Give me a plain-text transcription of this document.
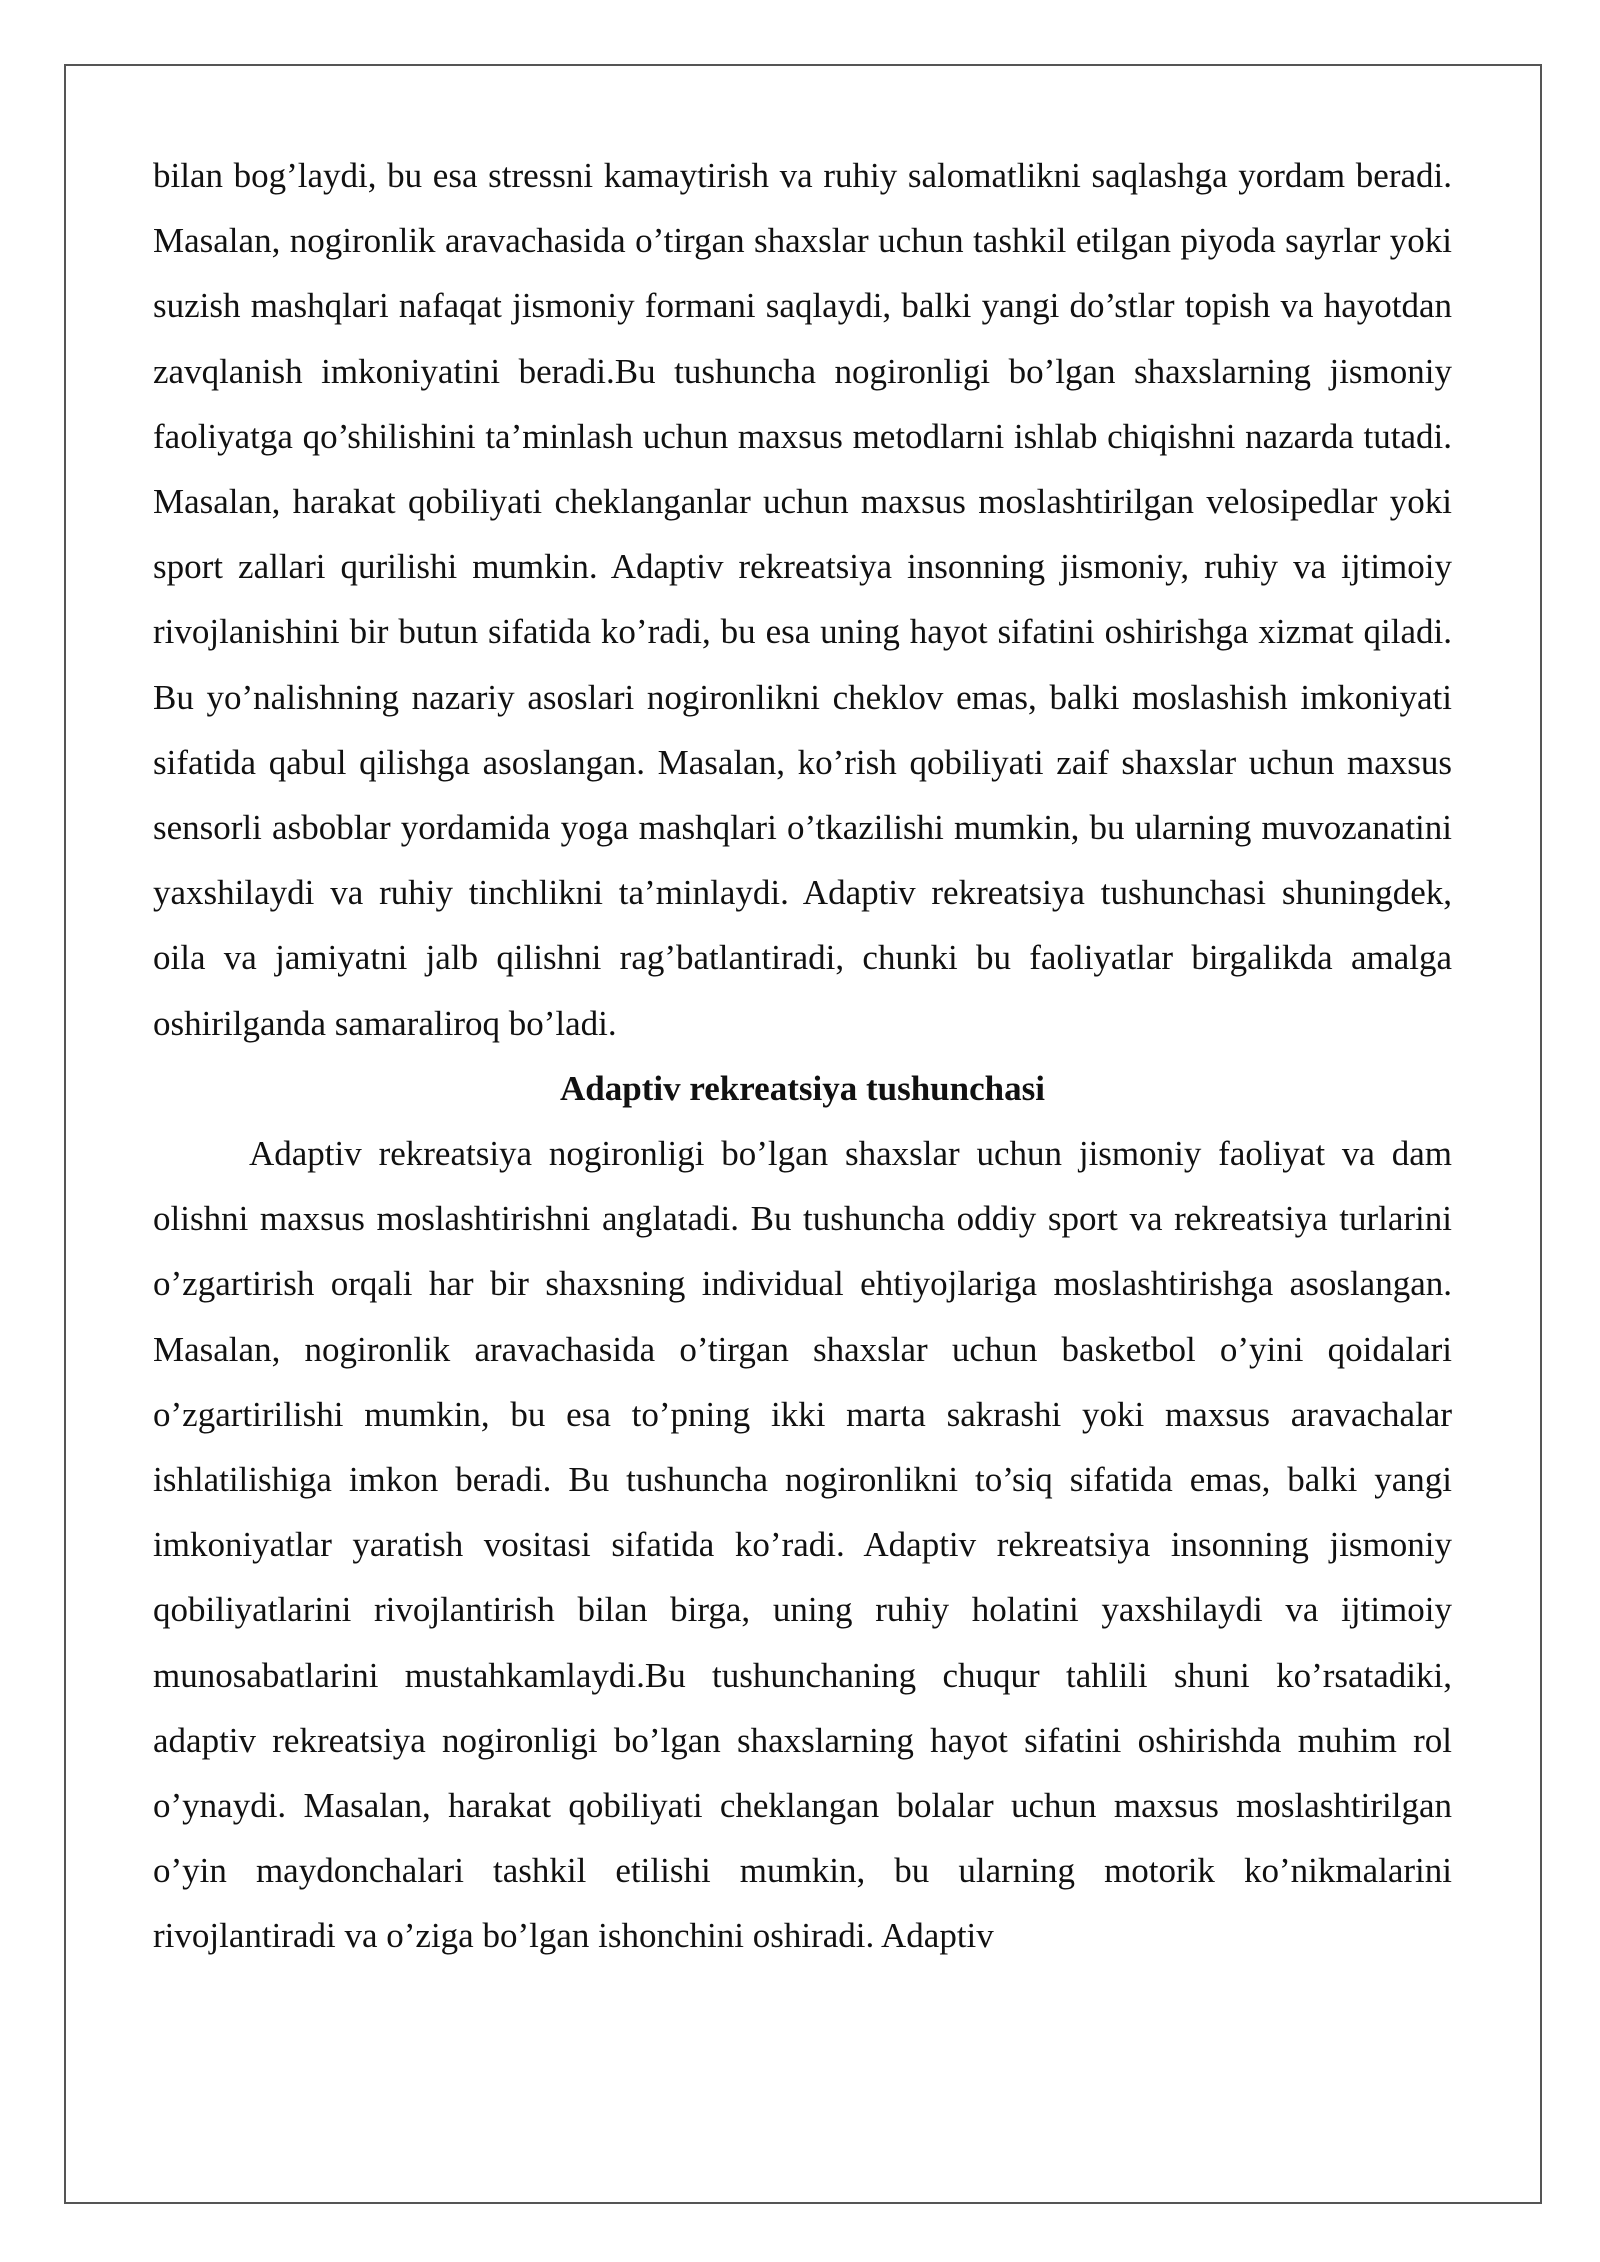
bilan bog’laydi, bu esa stressni kamaytirish va ruhiy salomatlikni saqlashga yordam beradi. Masalan, nogironlik aravachasida o’tirgan shaxslar uchun tashkil etilgan piyoda sayrlar yoki suzish mashqlari nafaqat jismoniy formani saqlaydi, balki yangi do’stlar topish va hayotdan zavqlanish imkoniyatini beradi.Bu tushuncha nogironligi bo’lgan shaxslarning jismoniy faoliyatga qo’shilishini ta’minlash uchun maxsus metodlarni ishlab chiqishni nazarda tutadi. Masalan, harakat qobiliyati cheklanganlar uchun maxsus moslashtirilgan velosipedlar yoki sport zallari qurilishi mumkin. Adaptiv rekreatsiya insonning jismoniy, ruhiy va ijtimoiy rivojlanishini bir butun sifatida ko’radi, bu esa uning hayot sifatini oshirishga xizmat qiladi. Bu yo’nalishning nazariy asoslari nogironlikni cheklov emas, balki moslashish imkoniyati sifatida qabul qilishga asoslangan. Masalan, ko’rish qobiliyati zaif shaxslar uchun maxsus sensorli asboblar yordamida yoga mashqlari o’tkazilishi mumkin, bu ularning muvozanatini yaxshilaydi va ruhiy tinchlikni ta’minlaydi. Adaptiv rekreatsiya tushunchasi shuningdek, oila va jamiyatni jalb qilishni rag’batlantiradi, chunki bu faoliyatlar birgalikda amalga oshirilganda samaraliroq bo’ladi.

Adaptiv rekreatsiya tushunchasi

Adaptiv rekreatsiya nogironligi bo’lgan shaxslar uchun jismoniy faoliyat va dam olishni maxsus moslashtirishni anglatadi. Bu tushuncha oddiy sport va rekreatsiya turlarini o’zgartirish orqali har bir shaxsning individual ehtiyojlariga moslashtirishga asoslangan. Masalan, nogironlik aravachasida o’tirgan shaxslar uchun basketbol o’yini qoidalari o’zgartirilishi mumkin, bu esa to’pning ikki marta sakrashi yoki maxsus aravachalar ishlatilishiga imkon beradi. Bu tushuncha nogironlikni to’siq sifatida emas, balki yangi imkoniyatlar yaratish vositasi sifatida ko’radi. Adaptiv rekreatsiya insonning jismoniy qobiliyatlarini rivojlantirish bilan birga, uning ruhiy holatini yaxshilaydi va ijtimoiy munosabatlarini mustahkamlaydi.Bu tushunchaning chuqur tahlili shuni ko’rsatadiki, adaptiv rekreatsiya nogironligi bo’lgan shaxslarning hayot sifatini oshirishda muhim rol o’ynaydi. Masalan, harakat qobiliyati cheklangan bolalar uchun maxsus moslashtirilgan o’yin maydonchalari tashkil etilishi mumkin, bu ularning motorik ko’nikmalarini rivojlantiradi va o’ziga bo’lgan ishonchini oshiradi. Adaptiv
